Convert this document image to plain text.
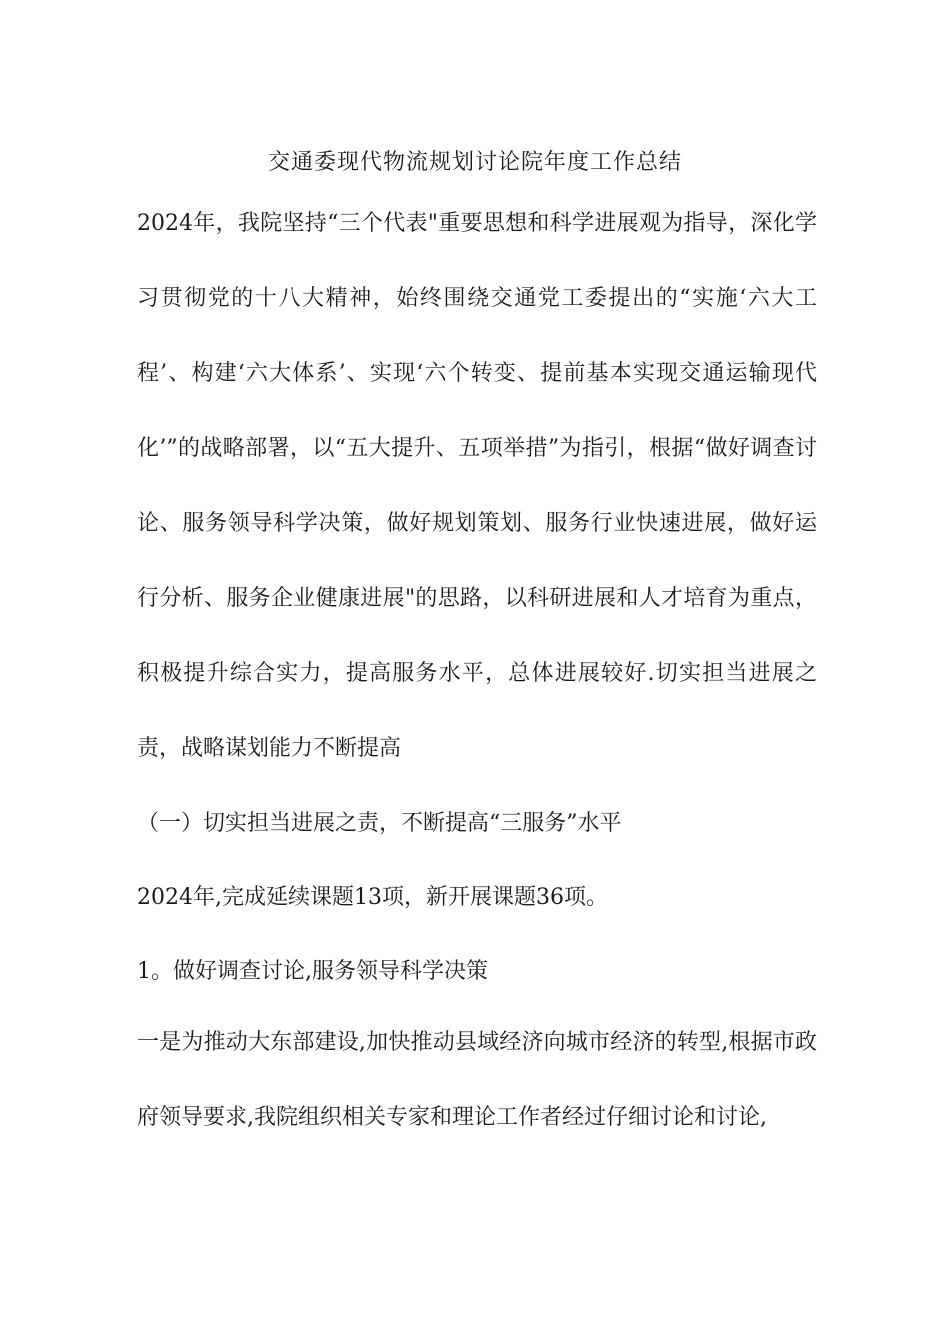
交通委现代物流规划讨论院年度工作总结

2024年，我院坚持“三个代表"重要思想和科学进展观为指导，深化学习贯彻党的十八大精神，始终围绕交通党工委提出的“实施‘六大工程’、构建‘六大体系’、实现‘六个转变、提前基本实现交通运输现代化’”的战略部署，以“五大提升、五项举措”为指引，根据“做好调查讨论、服务领导科学决策，做好规划策划、服务行业快速进展，做好运行分析、服务企业健康进展"的思路，以科研进展和人才培育为重点，积极提升综合实力，提高服务水平，总体进展较好.切实担当进展之责，战略谋划能力不断提高

（一）切实担当进展之责，不断提高“三服务”水平

2024年,完成延续课题13项，新开展课题36项。

1。做好调查讨论,服务领导科学决策

一是为推动大东部建设,加快推动县域经济向城市经济的转型,根据市政府领导要求,我院组织相关专家和理论工作者经过仔细讨论和讨论,
